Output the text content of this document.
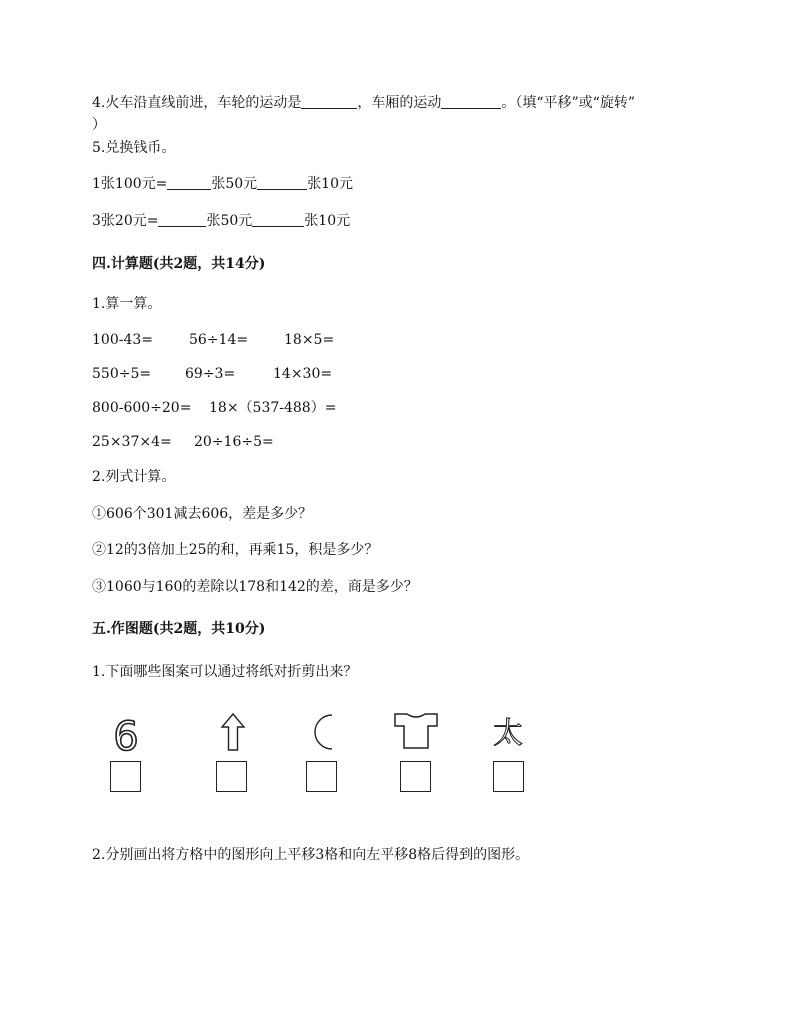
4.火车沿直线前进，车轮的运动是	，车厢的运动	。（填“平移”或“旋转”
）
5.兑换钱币。
1张100元=	张50元	张10元
3张20元=	张50元	张10元
四.计算题(共2题，共14分)
1.算一算。
100-43=	56÷14=	18×5=
550÷5= 69÷3=	14×30=
800-600÷20= 18×（537-488）=
25×37×4= 20÷16÷5=
2.列式计算。
①606个301减去606，差是多少？
②12的3倍加上25的和，再乘15，积是多少？
③1060与160的差除以178和142的差，商是多少？
五.作图题(共2题，共10分)
1.下面哪些图案可以通过将纸对折剪出来？
6	太
2.分别画出将方格中的图形向上平移3格和向左平移8格后得到的图形。
